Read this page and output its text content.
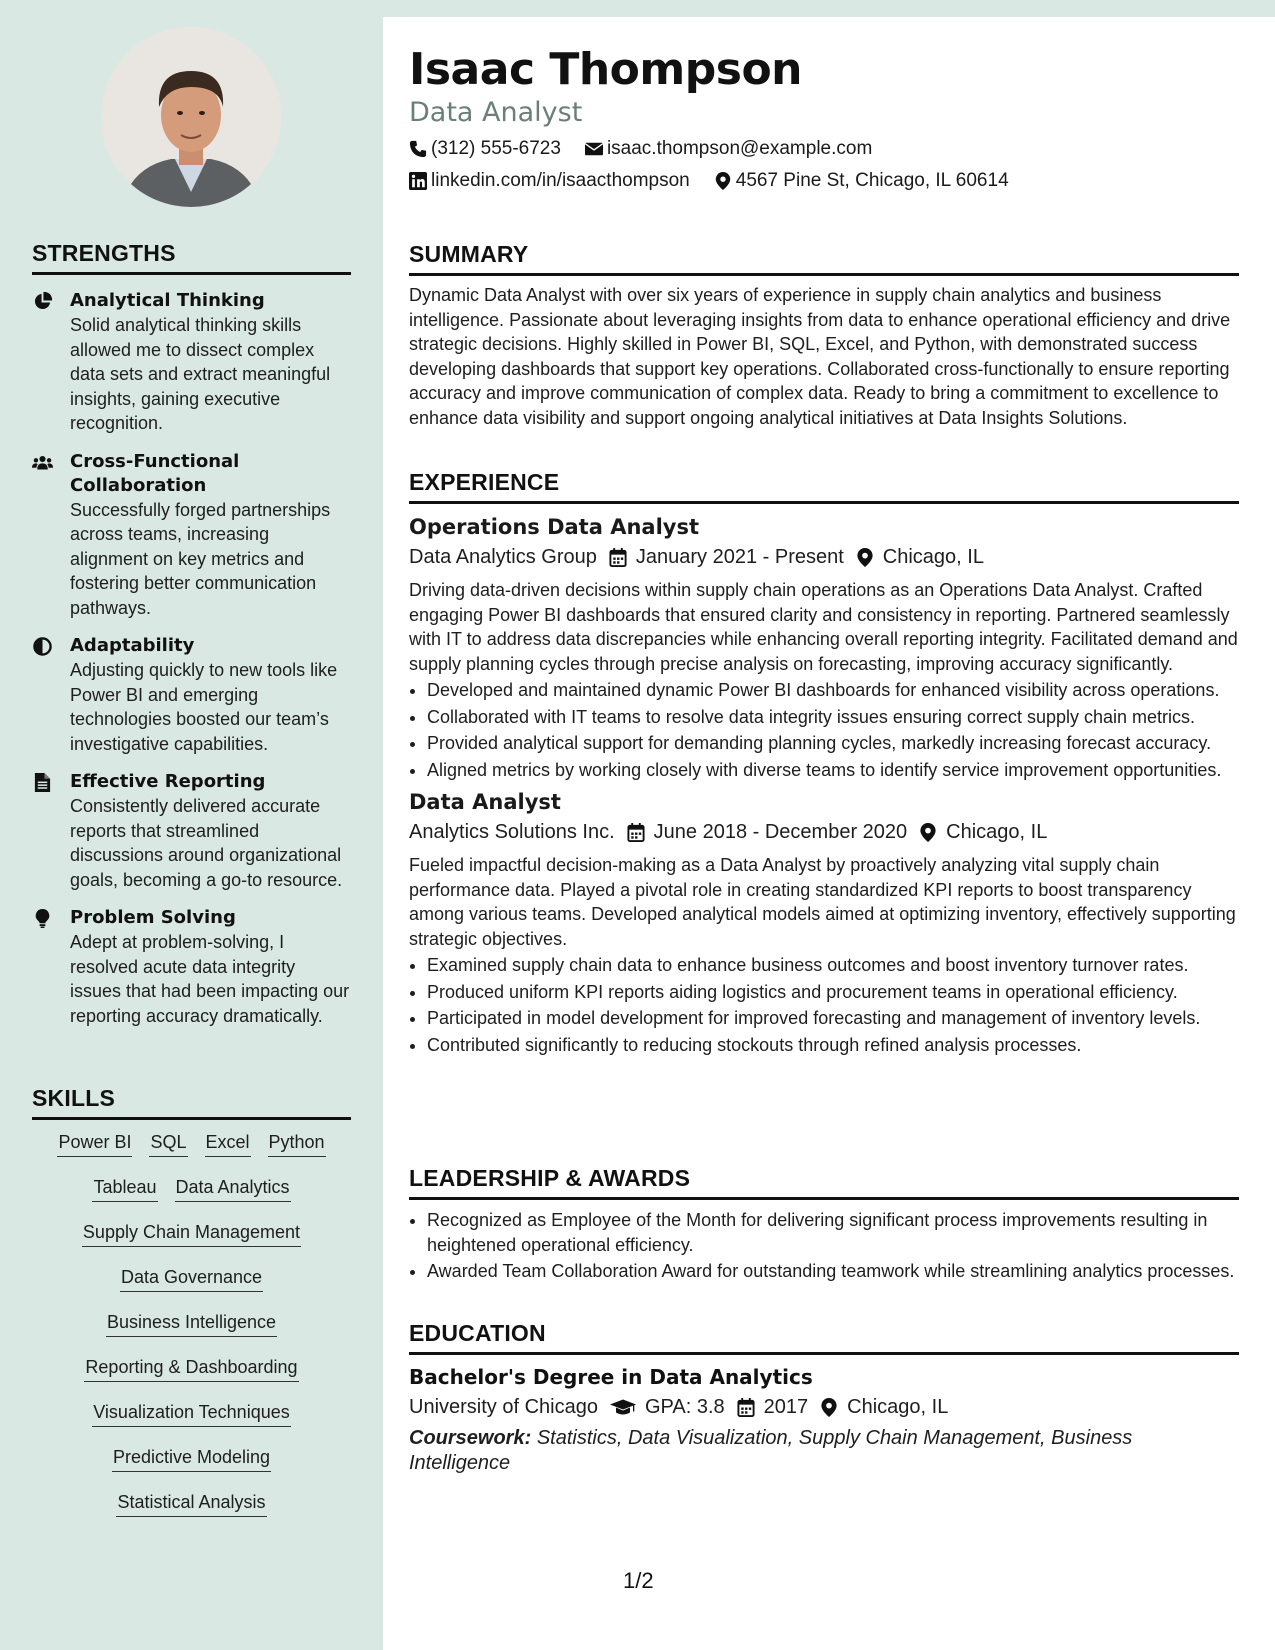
STRENGTHS
Analytical Thinking
Solid analytical thinking skills allowed me to dissect complex data sets and extract meaningful insights, gaining executive recognition.
Cross-Functional Collaboration
Successfully forged partnerships across teams, increasing alignment on key metrics and fostering better communication pathways.
Adaptability
Adjusting quickly to new tools like Power BI and emerging technologies boosted our team’s investigative capabilities.
Effective Reporting
Consistently delivered accurate reports that streamlined discussions around organizational goals, becoming a go-to resource.
Problem Solving
Adept at problem-solving, I resolved acute data integrity issues that had been impacting our reporting accuracy dramatically.
SKILLS
Power BI SQL Excel Python
Tableau Data Analytics
Supply Chain Management
Data Governance
Business Intelligence
Reporting & Dashboarding
Visualization Techniques
Predictive Modeling
Statistical Analysis
Isaac Thompson
Data Analyst
(312) 555-6723 isaac.thompson@example.com
linkedin.com/in/isaacthompson 4567 Pine St, Chicago, IL 60614
SUMMARY
Dynamic Data Analyst with over six years of experience in supply chain analytics and business intelligence. Passionate about leveraging insights from data to enhance operational efficiency and drive strategic decisions. Highly skilled in Power BI, SQL, Excel, and Python, with demonstrated success developing dashboards that support key operations. Collaborated cross-functionally to ensure reporting accuracy and improve communication of complex data. Ready to bring a commitment to excellence to enhance data visibility and support ongoing analytical initiatives at Data Insights Solutions.
EXPERIENCE
Operations Data Analyst
Data Analytics Group January 2021 - Present Chicago, IL
Driving data-driven decisions within supply chain operations as an Operations Data Analyst. Crafted engaging Power BI dashboards that ensured clarity and consistency in reporting. Partnered seamlessly with IT to address data discrepancies while enhancing overall reporting integrity. Facilitated demand and supply planning cycles through precise analysis on forecasting, improving accuracy significantly.
• Developed and maintained dynamic Power BI dashboards for enhanced visibility across operations.
• Collaborated with IT teams to resolve data integrity issues ensuring correct supply chain metrics.
• Provided analytical support for demanding planning cycles, markedly increasing forecast accuracy.
• Aligned metrics by working closely with diverse teams to identify service improvement opportunities.
Data Analyst
Analytics Solutions Inc. June 2018 - December 2020 Chicago, IL
Fueled impactful decision-making as a Data Analyst by proactively analyzing vital supply chain performance data. Played a pivotal role in creating standardized KPI reports to boost transparency among various teams. Developed analytical models aimed at optimizing inventory, effectively supporting strategic objectives.
• Examined supply chain data to enhance business outcomes and boost inventory turnover rates.
• Produced uniform KPI reports aiding logistics and procurement teams in operational efficiency.
• Participated in model development for improved forecasting and management of inventory levels.
• Contributed significantly to reducing stockouts through refined analysis processes.
LEADERSHIP & AWARDS
• Recognized as Employee of the Month for delivering significant process improvements resulting in heightened operational efficiency.
• Awarded Team Collaboration Award for outstanding teamwork while streamlining analytics processes.
EDUCATION
Bachelor's Degree in Data Analytics
University of Chicago GPA: 3.8 2017 Chicago, IL
Coursework: Statistics, Data Visualization, Supply Chain Management, Business Intelligence
1/2
